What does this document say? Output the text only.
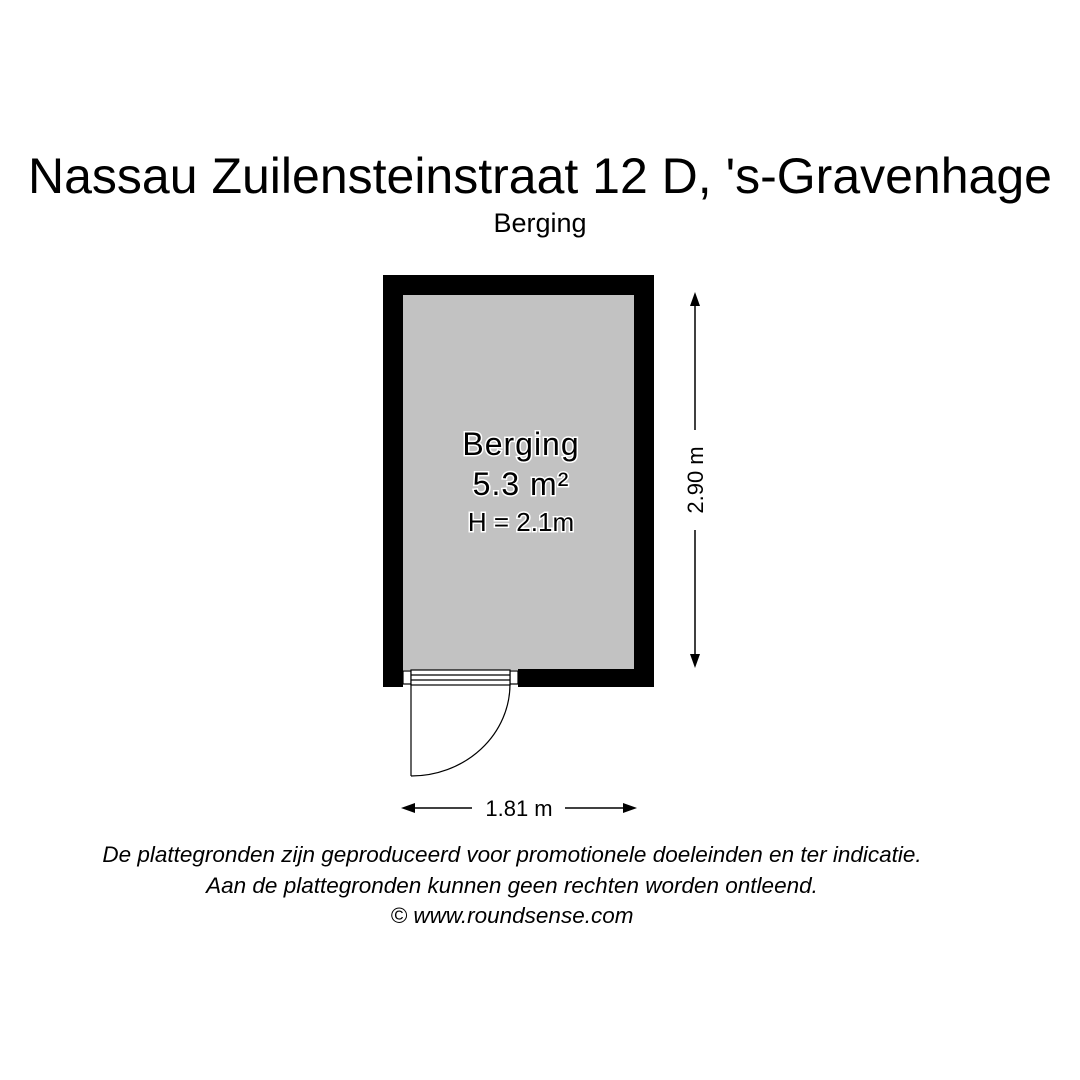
Nassau Zuilensteinstraat 12 D, 's-Gravenhage
Berging
Berging
5.3 m²
H = 2.1m
2.90 m
1.81 m
De plattegronden zijn geproduceerd voor promotionele doeleinden en ter indicatie.
Aan de plattegronden kunnen geen rechten worden ontleend.
© www.roundsense.com
